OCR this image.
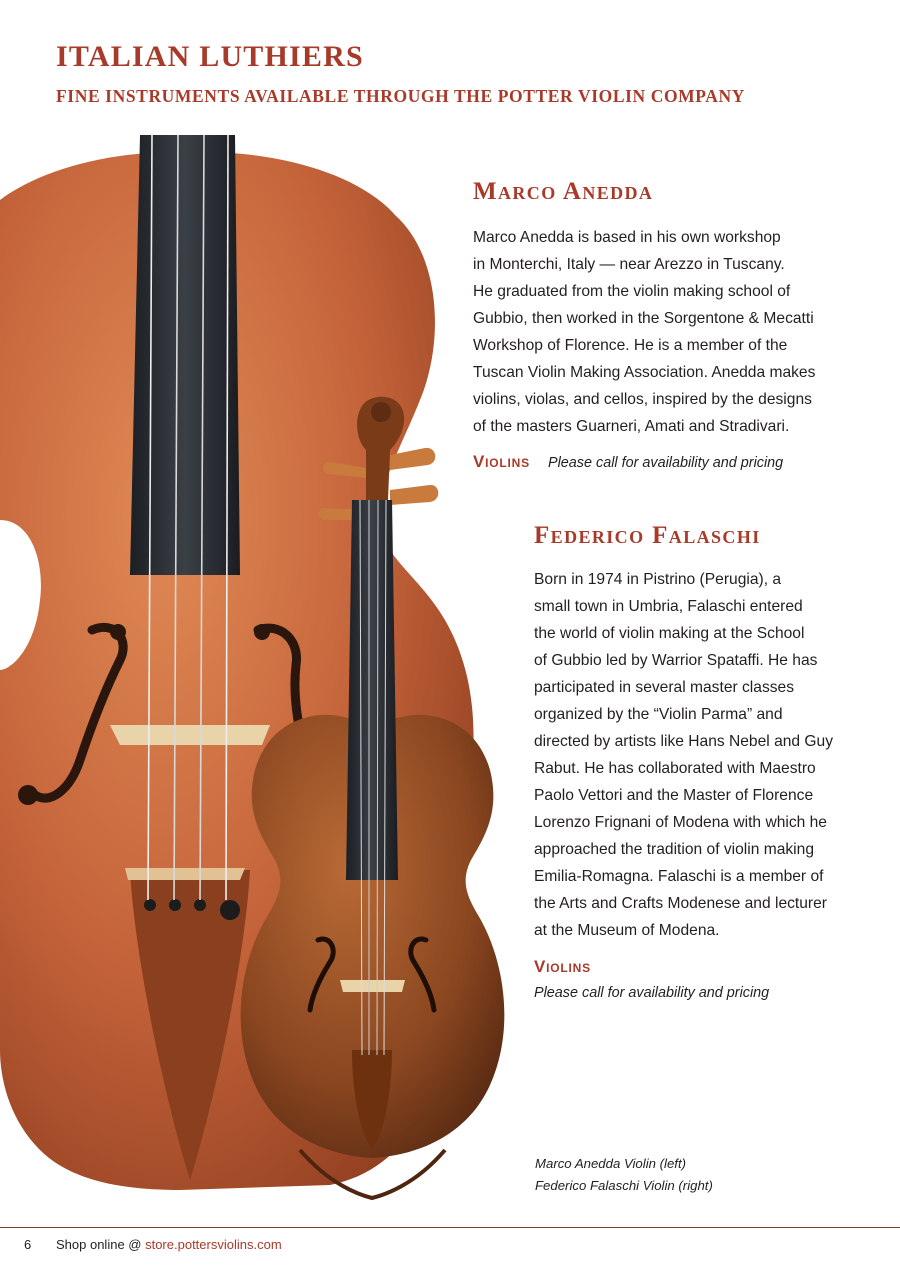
ITALIAN LUTHIERS
FINE INSTRUMENTS AVAILABLE THROUGH THE POTTER VIOLIN COMPANY
Marco Anedda
Marco Anedda is based in his own workshop
in Monterchi, Italy — near Arezzo in Tuscany.
He graduated from the violin making school of
Gubbio, then worked in the Sorgentone & Mecatti
Workshop of Florence. He is a member of the
Tuscan Violin Making Association. Anedda makes
violins, violas, and cellos, inspired by the designs
of the masters Guarneri, Amati and Stradivari.
Violins Please call for availability and pricing
Federico Falaschi
Born in 1974 in Pistrino (Perugia), a
small town in Umbria, Falaschi entered
the world of violin making at the School
of Gubbio led by Warrior Spataffi. He has
participated in several master classes
organized by the “Violin Parma” and
directed by artists like Hans Nebel and Guy
Rabut. He has collaborated with Maestro
Paolo Vettori and the Master of Florence
Lorenzo Frignani of Modena with which he
approached the tradition of violin making
Emilia-Romagna. Falaschi is a member of
the Arts and Crafts Modenese and lecturer
at the Museum of Modena.
Violins
Please call for availability and pricing
Marco Anedda Violin (left)
Federico Falaschi Violin (right)
6 Shop online @ store.pottersviolins.com
